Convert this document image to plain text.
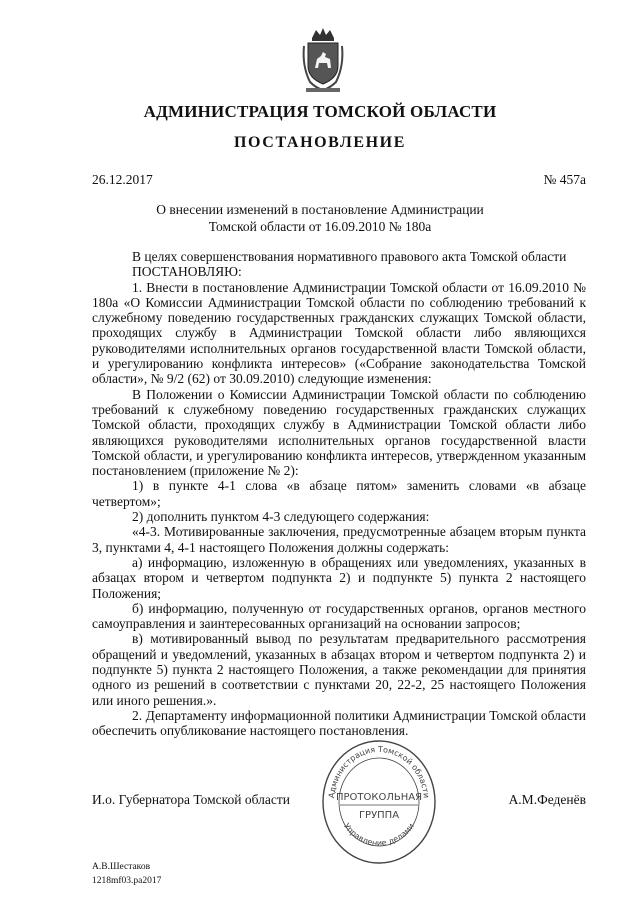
АДМИНИСТРАЦИЯ ТОМСКОЙ ОБЛАСТИ
ПОСТАНОВЛЕНИЕ
26.12.2017	№ 457а
О внесении изменений в постановление Администрации
Томской области от 16.09.2010 № 180а

В целях совершенствования нормативного правового акта Томской области

ПОСТАНОВЛЯЮ:

1. Внести в постановление Администрации Томской области от 16.09.2010 № 180а «О Комиссии Администрации Томской области по соблюдению требований к служебному поведению государственных гражданских служащих Томской области, проходящих службу в Администрации Томской области либо являющихся руководителями исполнительных органов государственной власти Томской области, и урегулированию конфликта интересов» («Собрание законодательства Томской области», № 9/2 (62) от 30.09.2010) следующие изменения:

В Положении о Комиссии Администрации Томской области по соблюдению требований к служебному поведению государственных гражданских служащих Томской области, проходящих службу в Администрации Томской области либо являющихся руководителями исполнительных органов государственной власти Томской области, и урегулированию конфликта интересов, утвержденном указанным постановлением (приложение № 2):

1) в пункте 4-1 слова «в абзаце пятом» заменить словами «в абзаце четвертом»;

2) дополнить пунктом 4-3 следующего содержания:

«4-3. Мотивированные заключения, предусмотренные абзацем вторым пункта 3, пунктами 4, 4-1 настоящего Положения должны содержать:

а) информацию, изложенную в обращениях или уведомлениях, указанных в абзацах втором и четвертом подпункта 2) и подпункте 5) пункта 2 настоящего Положения;

б) информацию, полученную от государственных органов, органов местного самоуправления и заинтересованных организаций на основании запросов;

в) мотивированный вывод по результатам предварительного рассмотрения обращений и уведомлений, указанных в абзацах втором и четвертом подпункта 2) и подпункте 5) пункта 2 настоящего Положения, а также рекомендации для принятия одного из решений в соответствии с пунктами 20, 22-2, 25 настоящего Положения или иного решения.».

2. Департаменту информационной политики Администрации Томской области обеспечить опубликование настоящего постановления.

И.о. Губернатора Томской области	А.М.Феденёв
Администрация Томской области
Управление делами
ПРОТОКОЛЬНАЯ
ГРУППА
А.В.Шестаков
1218mf03.ра2017
